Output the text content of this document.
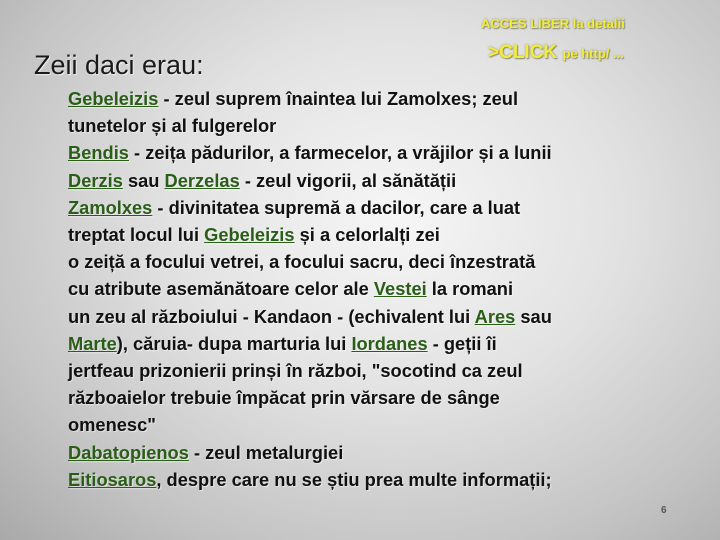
Zeii daci erau:
ACCES LIBER la detalii
>CLICK pe http/ ...
Gebeleizis - zeul suprem înaintea lui Zamolxes; zeul
tunetelor și al fulgerelor
Bendis - zeița pădurilor, a farmecelor, a vrăjilor și a lunii
Derzis sau Derzelas - zeul vigorii, al sănătății
Zamolxes - divinitatea supremă a dacilor, care a luat
treptat locul lui Gebeleizis și a celorlalți zei
o zeiță a focului vetrei, a focului sacru, deci înzestrată
cu atribute asemănătoare celor ale Vestei la romani
un zeu al războiului - Kandaon - (echivalent lui Ares sau
Marte), căruia- dupa marturia lui Iordanes - geții îi
jertfeau prizonierii prinși în război, "socotind ca zeul
războaielor trebuie împăcat prin vărsare de sânge
omenesc"
Dabatopienos - zeul metalurgiei
Eitiosaros, despre care nu se știu prea multe informații;
6
